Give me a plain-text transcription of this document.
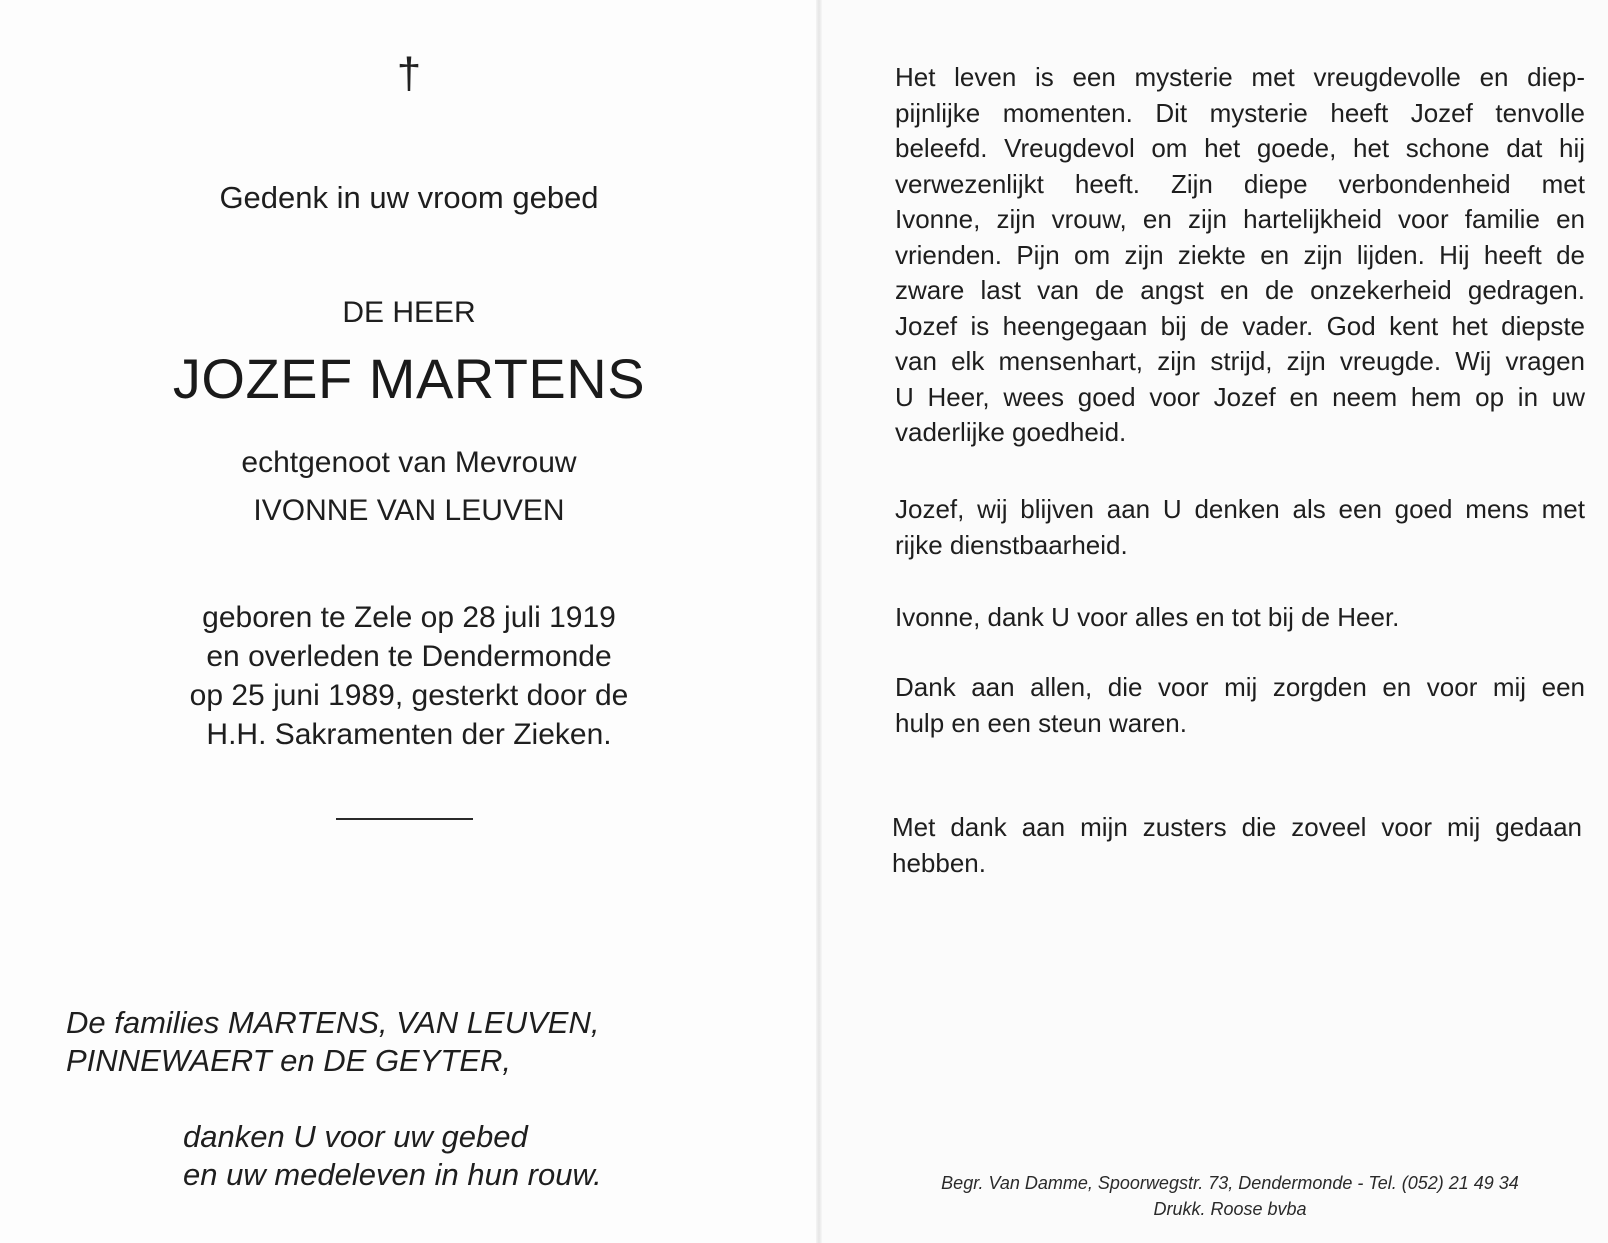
†
Gedenk in uw vroom gebed
DE HEER
JOZEF MARTENS
echtgenoot van Mevrouw
IVONNE VAN LEUVEN
geboren te Zele op 28 juli 1919
en overleden te Dendermonde
op 25 juni 1989, gesterkt door de
H.H. Sakramenten der Zieken.
De families MARTENS, VAN LEUVEN,
PINNEWAERT en DE GEYTER,
danken U voor uw gebed
en uw medeleven in hun rouw.
Het leven is een mysterie met vreugdevolle en diep-
pijnlijke momenten. Dit mysterie heeft Jozef tenvolle
beleefd. Vreugdevol om het goede, het schone dat hij
verwezenlijkt heeft. Zijn diepe verbondenheid met
Ivonne, zijn vrouw, en zijn hartelijkheid voor familie en
vrienden. Pijn om zijn ziekte en zijn lijden. Hij heeft de
zware last van de angst en de onzekerheid gedragen.
Jozef is heengegaan bij de vader. God kent het diepste
van elk mensenhart, zijn strijd, zijn vreugde. Wij vragen
U Heer, wees goed voor Jozef en neem hem op in uw
vaderlijke goedheid.
Jozef, wij blijven aan U denken als een goed mens met
rijke dienstbaarheid.
Ivonne, dank U voor alles en tot bij de Heer.
Dank aan allen, die voor mij zorgden en voor mij een
hulp en een steun waren.
Met dank aan mijn zusters die zoveel voor mij gedaan
hebben.
Begr. Van Damme, Spoorwegstr. 73, Dendermonde - Tel. (052) 21 49 34
Drukk. Roose bvba
